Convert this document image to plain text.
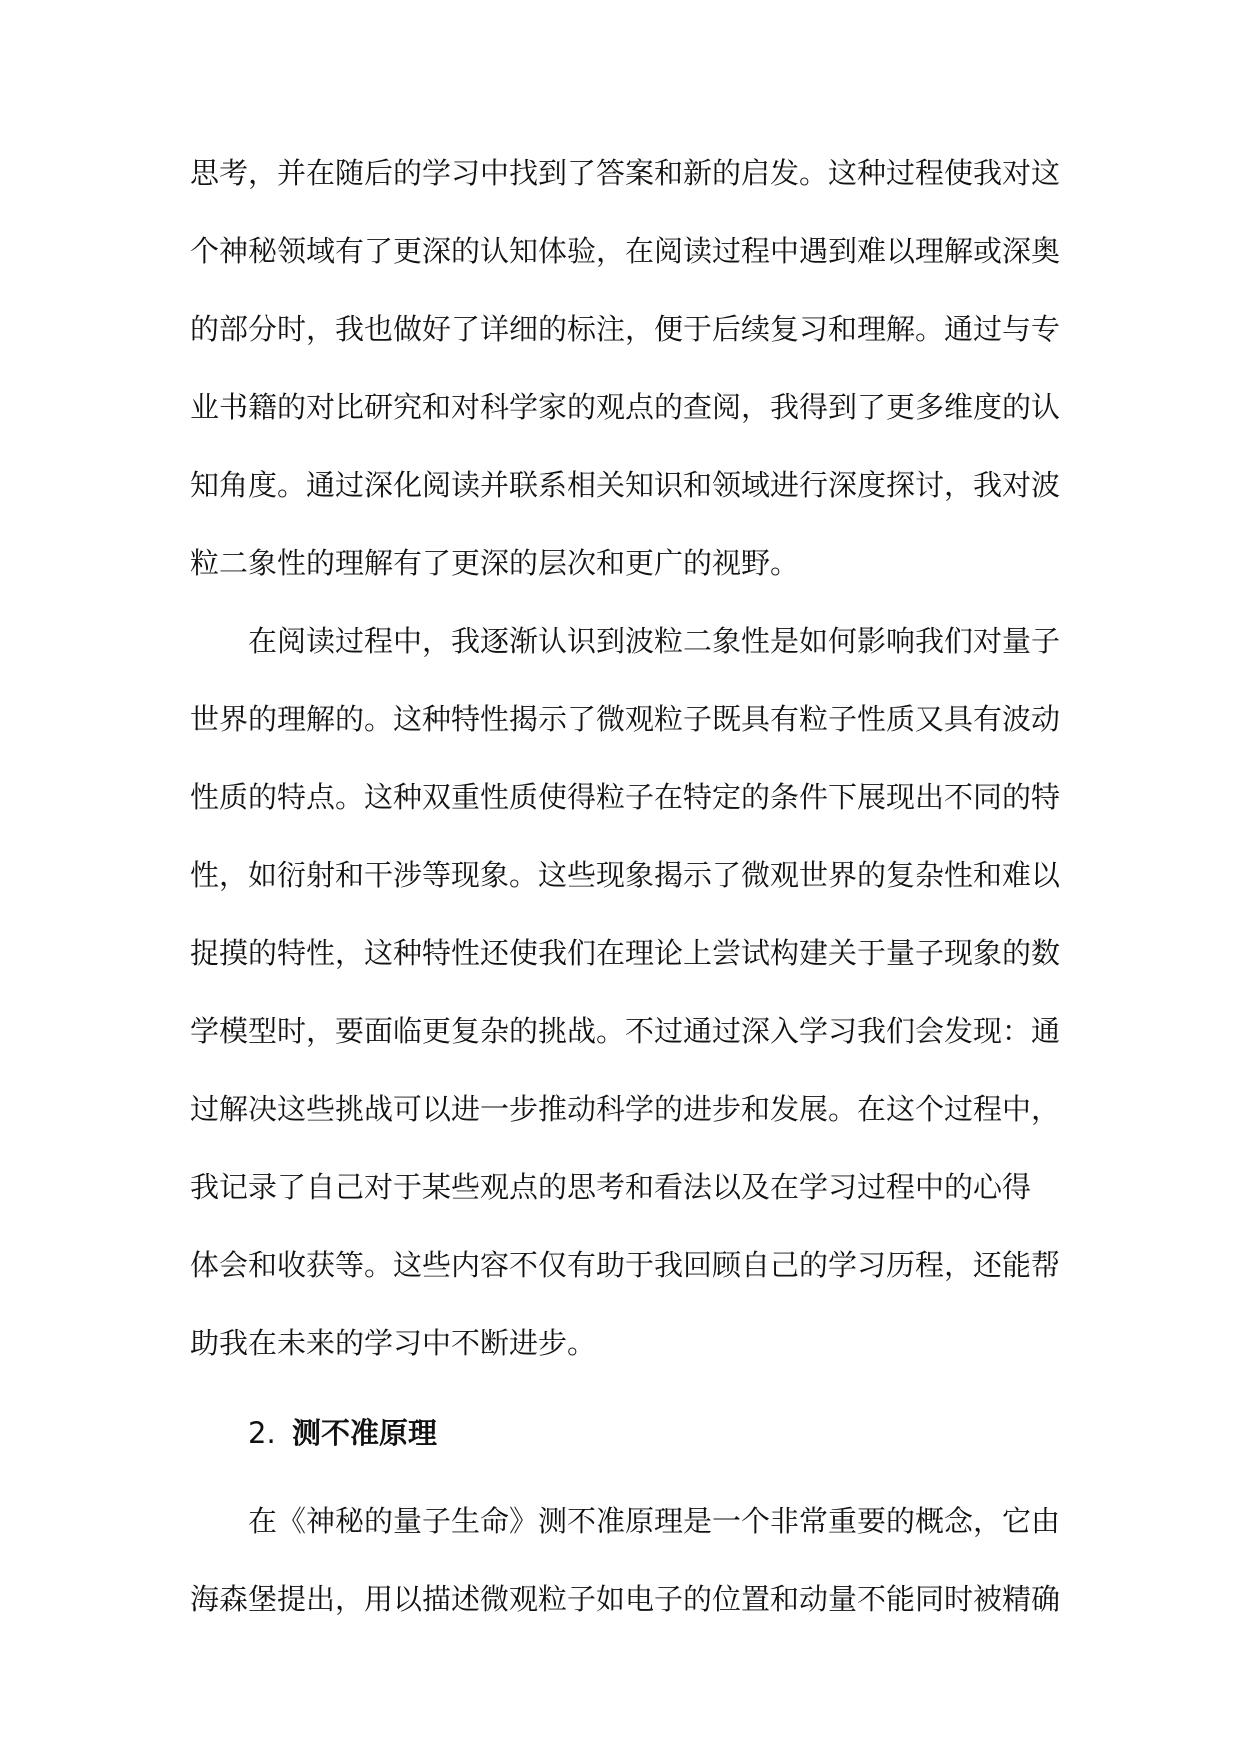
思考，并在随后的学习中找到了答案和新的启发。这种过程使我对这
个神秘领域有了更深的认知体验，在阅读过程中遇到难以理解或深奥
的部分时，我也做好了详细的标注，便于后续复习和理解。通过与专
业书籍的对比研究和对科学家的观点的查阅，我得到了更多维度的认
知角度。通过深化阅读并联系相关知识和领域进行深度探讨，我对波
粒二象性的理解有了更深的层次和更广的视野。
在阅读过程中，我逐渐认识到波粒二象性是如何影响我们对量子
世界的理解的。这种特性揭示了微观粒子既具有粒子性质又具有波动
性质的特点。这种双重性质使得粒子在特定的条件下展现出不同的特
性，如衍射和干涉等现象。这些现象揭示了微观世界的复杂性和难以
捉摸的特性，这种特性还使我们在理论上尝试构建关于量子现象的数
学模型时，要面临更复杂的挑战。不过通过深入学习我们会发现：通
过解决这些挑战可以进一步推动科学的进步和发展。在这个过程中，
我记录了自己对于某些观点的思考和看法以及在学习过程中的心得
体会和收获等。这些内容不仅有助于我回顾自己的学习历程，还能帮
助我在未来的学习中不断进步。
2. 测不准原理
在《神秘的量子生命》测不准原理是一个非常重要的概念，它由
海森堡提出，用以描述微观粒子如电子的位置和动量不能同时被精确
